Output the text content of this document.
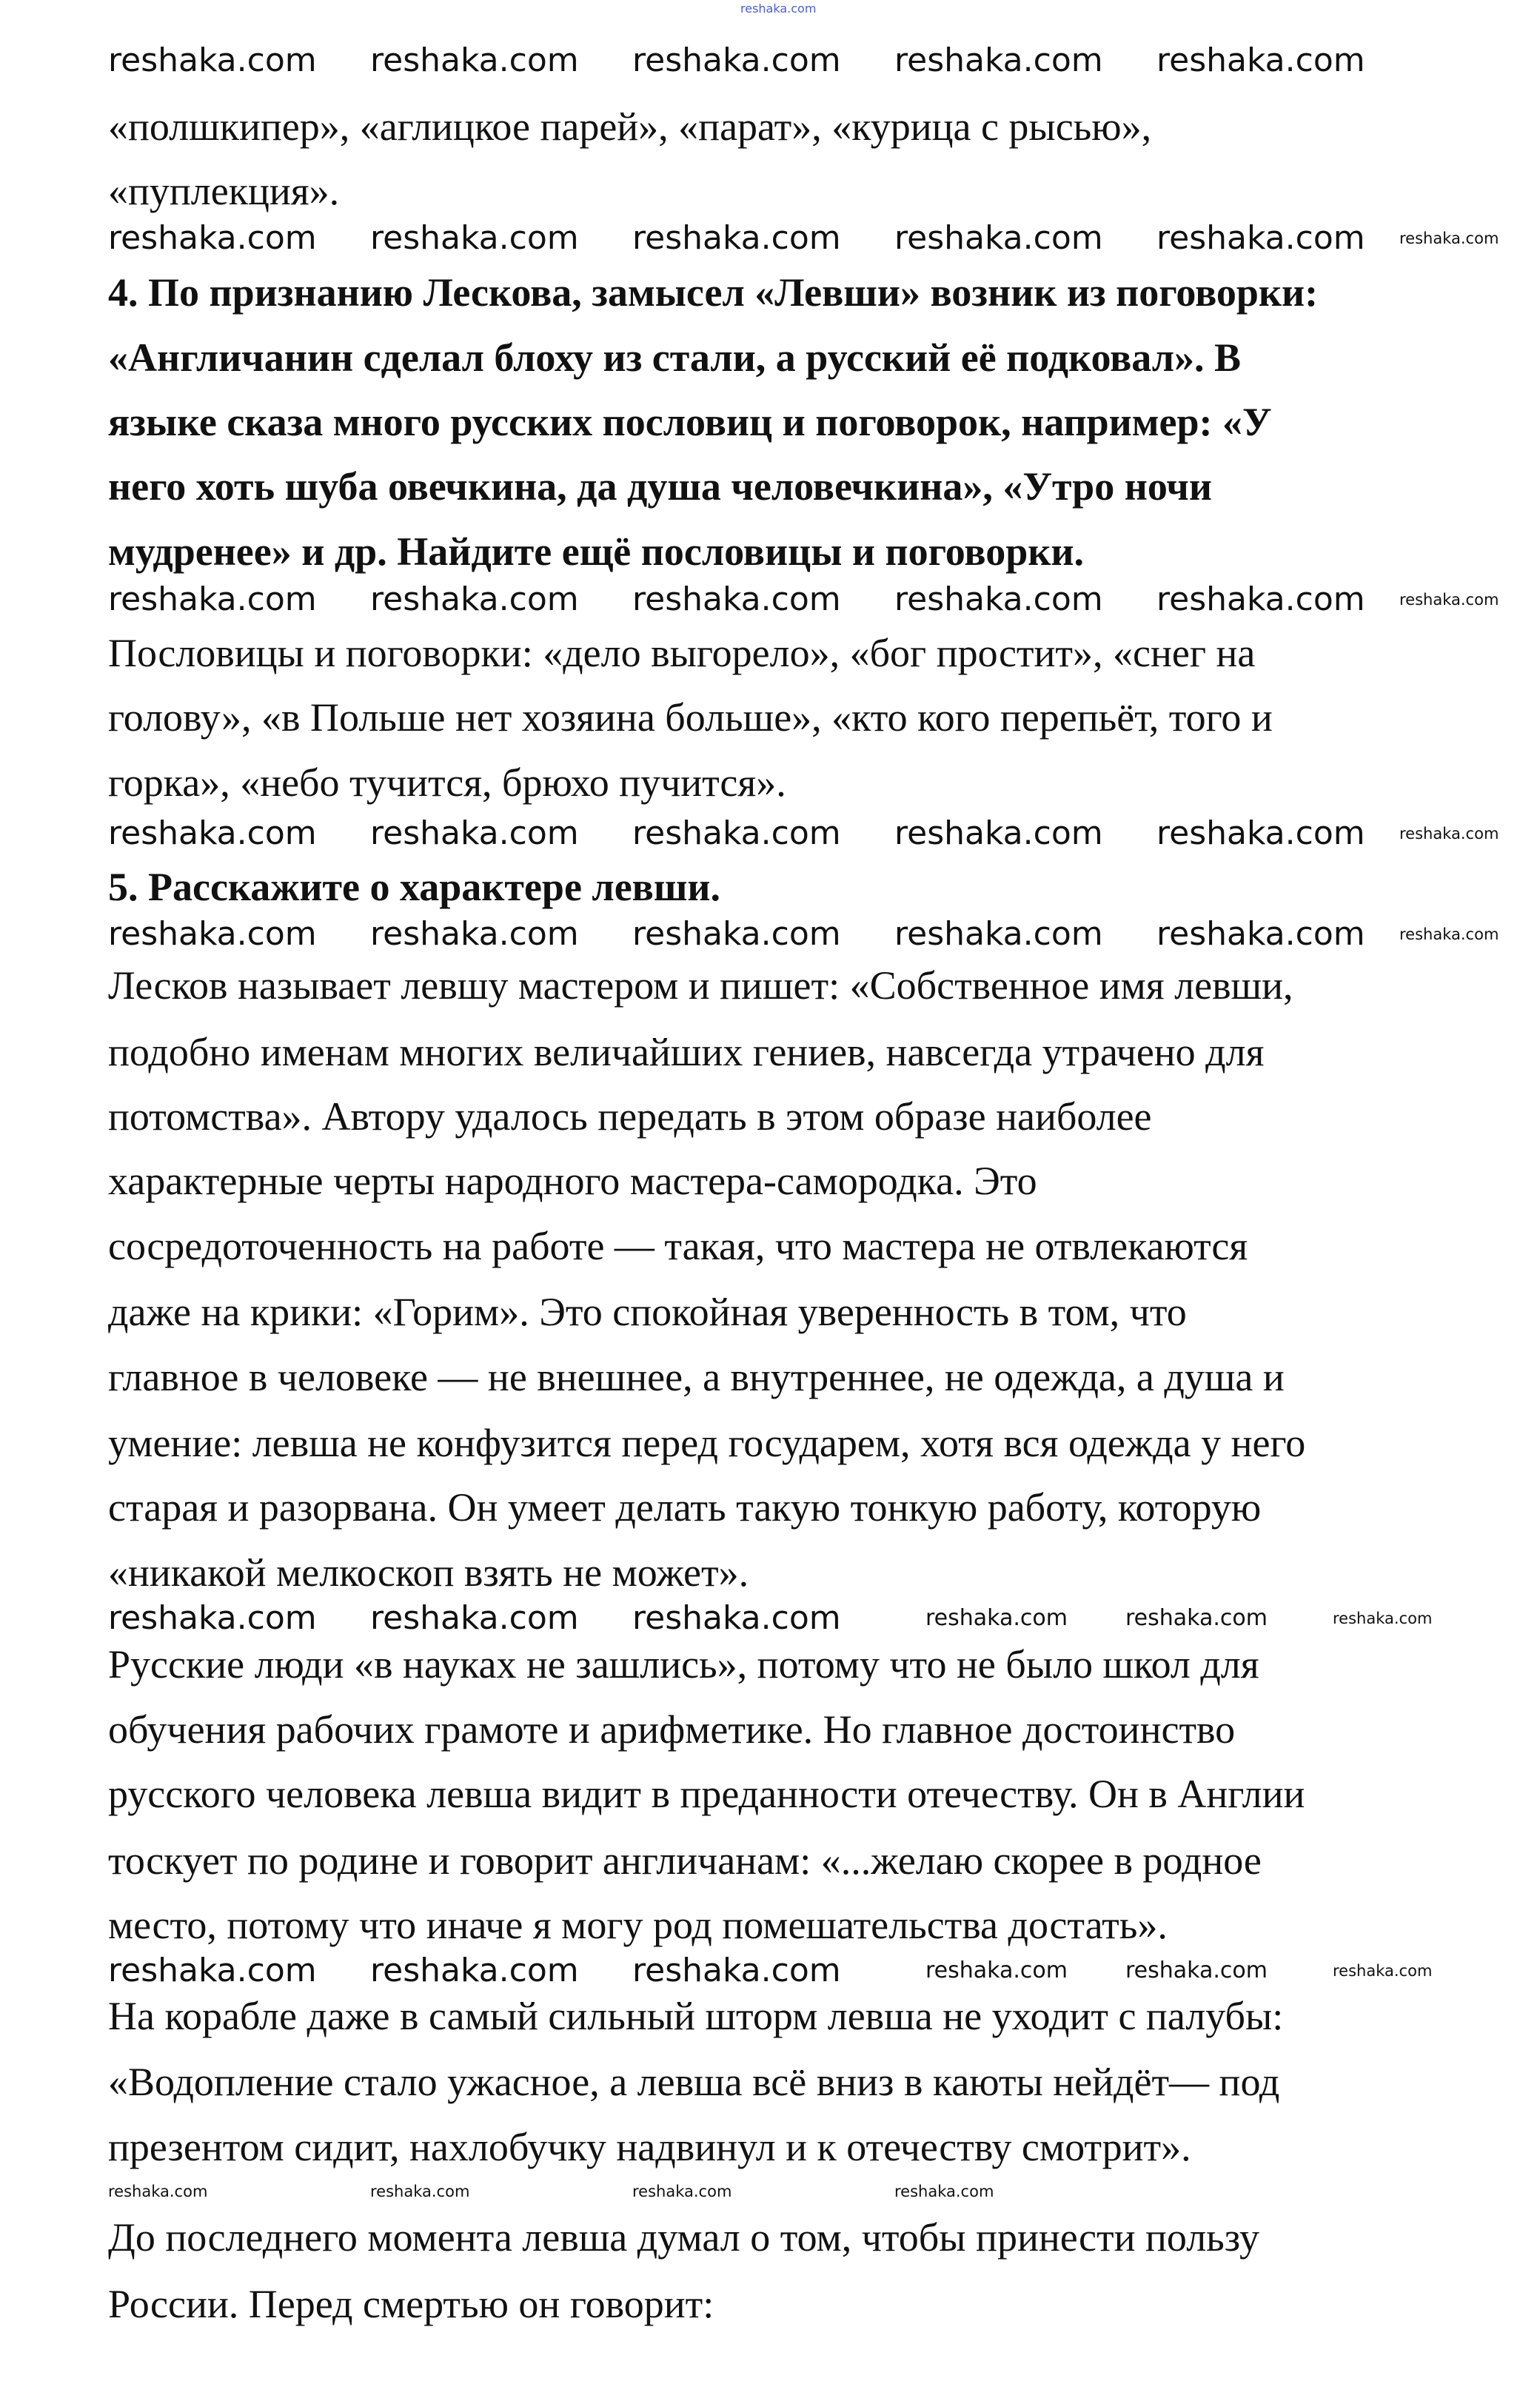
«полшкипер», «аглицкое парей», «парат», «курица с рысью»,
«пуплекция».
4. По признанию Лескова, замысел «Левши» возник из поговорки:
«Англичанин сделал блоху из стали, а русский её подковал». В
языке сказа много русских пословиц и поговорок, например: «У
него хоть шуба овечкина, да душа человечкина», «Утро ночи
мудренее» и др. Найдите ещё пословицы и поговорки.
Пословицы и поговорки: «дело выгорело», «бог простит», «снег на
голову», «в Польше нет хозяина больше», «кто кого перепьёт, того и
горка», «небо тучится, брюхо пучится».
5. Расскажите о характере левши.
Лесков называет левшу мастером и пишет: «Собственное имя левши,
подобно именам многих величайших гениев, навсегда утрачено для
потомства». Автору удалось передать в этом образе наиболее
характерные черты народного мастера-самородка. Это
сосредоточенность на работе — такая, что мастера не отвлекаются
даже на крики: «Горим». Это спокойная уверенность в том, что
главное в человеке — не внешнее, а внутреннее, не одежда, а душа и
умение: левша не конфузится перед государем, хотя вся одежда у него
старая и разорвана. Он умеет делать такую тонкую работу, которую
«никакой мелкоскоп взять не может».
Русские люди «в науках не зашлись», потому что не было школ для
обучения рабочих грамоте и арифметике. Но главное достоинство
русского человека левша видит в преданности отечеству. Он в Англии
тоскует по родине и говорит англичанам: «...желаю скорее в родное
место, потому что иначе я могу род помешательства достать».
На корабле даже в самый сильный шторм левша не уходит с палубы:
«Водопление стало ужасное, а левша всё вниз в каюты нейдёт— под
презентом сидит, нахлобучку надвинул и к отечеству смотрит».
До последнего момента левша думал о том, чтобы принести пользу
России. Перед смертью он говорит:
reshaka.com
reshaka.com reshaka.com reshaka.com reshaka.com reshaka.com
reshaka.com reshaka.com reshaka.com reshaka.com reshaka.com reshaka.com
reshaka.com reshaka.com reshaka.com reshaka.com reshaka.com reshaka.com
reshaka.com reshaka.com reshaka.com reshaka.com reshaka.com reshaka.com
reshaka.com reshaka.com reshaka.com reshaka.com reshaka.com reshaka.com
reshaka.com reshaka.com reshaka.com	reshaka.com	reshaka.com	reshaka.com
reshaka.com reshaka.com reshaka.com	reshaka.com	reshaka.com	reshaka.com
reshaka.com	reshaka.com	reshaka.com	reshaka.com
